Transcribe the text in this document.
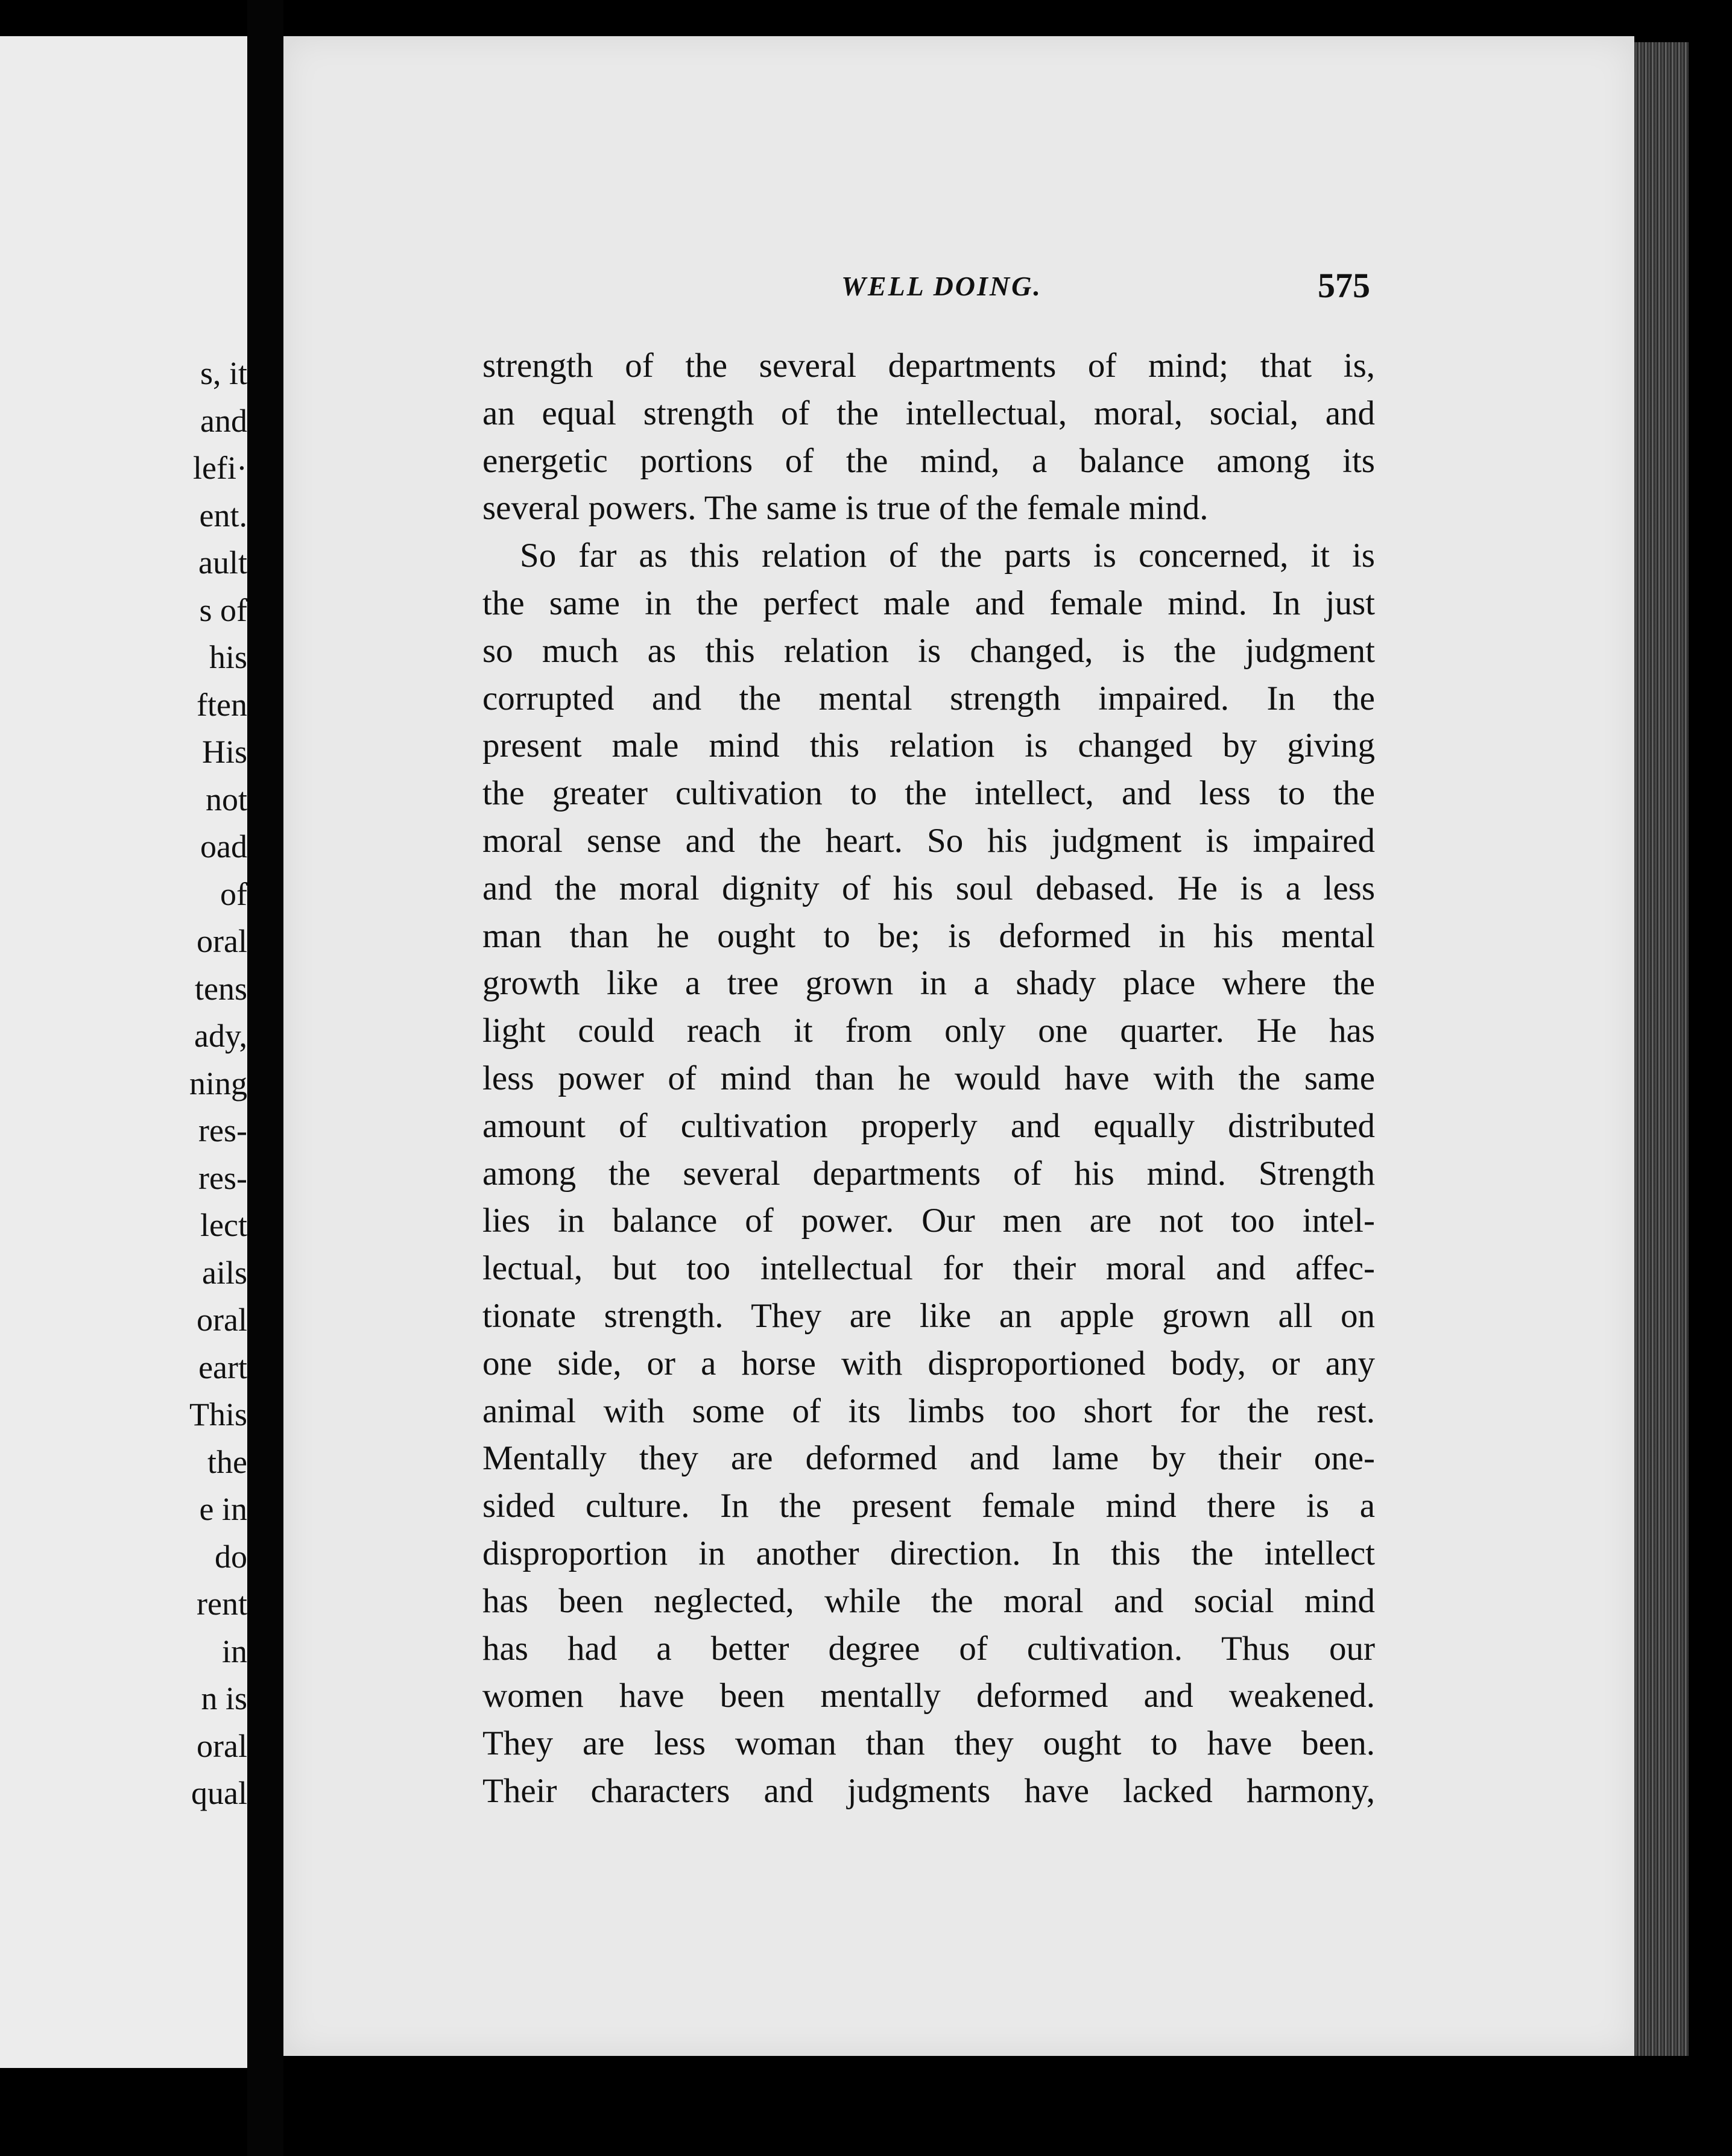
s, it
and
lefi·
ent.
ault
s of
his
ften
His
not
oad
of
oral
tens
ady,
ning
res-
res-
lect
ails
oral
eart
This
the
e in
do
rent
in
n is
oral
qual
WELL DOING.	575
strength of the several departments of mind; that is,
an equal strength of the intellectual, moral, social, and
energetic portions of the mind, a balance among its
several powers. The same is true of the female mind.
So far as this relation of the parts is concerned, it is
the same in the perfect male and female mind. In just
so much as this relation is changed, is the judgment
corrupted and the mental strength impaired. In the
present male mind this relation is changed by giving
the greater cultivation to the intellect, and less to the
moral sense and the heart. So his judgment is impaired
and the moral dignity of his soul debased. He is a less
man than he ought to be; is deformed in his mental
growth like a tree grown in a shady place where the
light could reach it from only one quarter. He has
less power of mind than he would have with the same
amount of cultivation properly and equally distributed
among the several departments of his mind. Strength
lies in balance of power. Our men are not too intel-
lectual, but too intellectual for their moral and affec-
tionate strength. They are like an apple grown all on
one side, or a horse with disproportioned body, or any
animal with some of its limbs too short for the rest.
Mentally they are deformed and lame by their one-
sided culture. In the present female mind there is a
disproportion in another direction. In this the intellect
has been neglected, while the moral and social mind
has had a better degree of cultivation. Thus our
women have been mentally deformed and weakened.
They are less woman than they ought to have been.
Their characters and judgments have lacked harmony,
